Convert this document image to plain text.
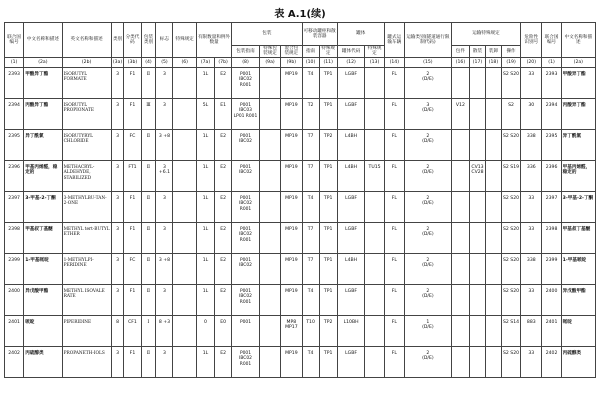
表 A.1(续)
联合国编号	中文名称和描述	英文名称和描述	类别	分类代码	包装类别	标志	特殊规定	有限数量和例外数量		包装			可移动罐柜和散装容器		罐体		罐式运输车辆	运输类别(隧道通行限制代码)	运输特殊规定				危险性识别号	联合国编号	中文名称和描述
										包装指南	特殊包装规定	混合包装规定	指南	特殊规定	罐体代码	特殊规定			包件	散装	装卸	操作			
(1)	(2a)	(2b)	(3a)	(3b)	(4)	(5)	(6)	(7a)	(7b)	(8)	(9a)	(9b)	(10)	(11)	(12)	(13)	(14)	(15)	(16)	(17)	(18)	(19)	(20)	(1)	(2a)
2393	甲酸异丁酯	ISOBUTYL FORMATE	3	F1	Ⅱ	3		1L	E2	P001 IBC02 R001		MP19	T4	TP1	LGBF		FL	2
(D/E)				S2 S20	33	2393	甲酸异丁酯
2394	丙酸异丁酯	ISOBUTYL PROPIONATE	3	F1	Ⅲ	3		5L	E1	P001 IBC03 LP01 R001		MP19	T2	TP1	LGBF		FL	3
(D/E)	V12			S2	30	2394	丙酸异丁酯
2395	异丁酰氯	ISOBUTYRYL CHLORIDE	3	FC	Ⅱ	3 +8		1L	E2	P001 IBC02		MP19	T7	TP2	L4BH		FL	2
(D/E)				S2 S20	338	2395	异丁酰氯
2396	甲基丙烯醛，稳定的	METHACRYL-ALDEHYDE, STABILIZED	3	FT1	Ⅱ	3 +6.1		1L	E2	P001 IBC02		MP19	T7	TP1	L4BH	TU15	FL	2
(D/E)		CV13 CV28		S2 S19	336	2396	甲基丙烯醛，稳定的
2397	3-甲基-2-丁酮	3-METHYLBU-TAN-2-ONE	3	F1	Ⅱ	3		1L	E2	P001 IBC02 R001		MP19	T4	TP1	LGBF		FL	2
(D/E)				S2 S20	33	2397	3-甲基-2-丁酮
2398	甲基叔丁基醚	METHYL tert-BUTYL ETHER	3	F1	Ⅱ	3		1L	E2	P001 IBC02 R001		MP19	T7	TP1	LGBF		FL	2
(D/E)				S2 S20	33	2398	甲基叔丁基醚
2399	1-甲基哌啶	1-METHYLPI-PERIDINE	3	FC	Ⅱ	3 +8		1L	E2	P001 IBC02		MP19	T7	TP1	L4BH		FL	2
(D/E)				S2 S20	338	2399	1-甲基哌啶
2400	异戊酸甲酯	METHYL ISOVALE RATE	3	F1	Ⅱ	3		1L	E2	P001 IBC02 R001		MP19	T4	TP1	LGBF		FL	2
(D/E)				S2 S20	33	2400	异戊酸甲酯
2401	哌啶	PIPERIDINE	8	CF1	Ⅰ	8 +3		0	E0	P001		MP8 MP17	T10	TP2	L10BH		FL	1
(D/E)				S2 S14	883	2401	哌啶
2402	丙硫醇类	PROPANETH-IOLS	3	F1	Ⅱ	3		1L	E2	P001 IBC02 R001		MP19	T4	TP1	LGBF		FL	2
(D/E)				S2 S20	33	2402	丙硫醇类
